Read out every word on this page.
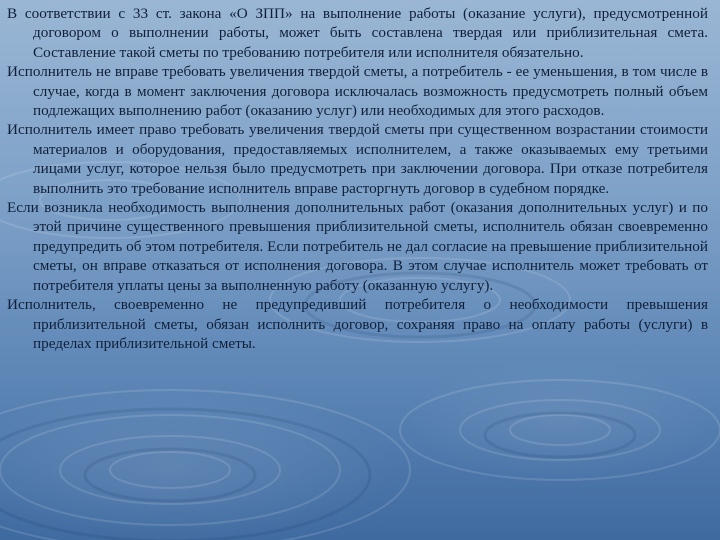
В соответствии с 33 ст. закона «О ЗПП» на выполнение работы (оказание услуги), предусмотренной договором о выполнении работы, может быть составлена твердая или приблизительная смета. Составление такой сметы по требованию потребителя или исполнителя обязательно.

Исполнитель не вправе требовать увеличения твердой сметы, а потребитель - ее уменьшения, в том числе в случае, когда в момент заключения договора исключалась возможность предусмотреть полный объем подлежащих выполнению работ (оказанию услуг) или необходимых для этого расходов.

Исполнитель имеет право требовать увеличения твердой сметы при существенном возрастании стоимости материалов и оборудования, предоставляемых исполнителем, а также оказываемых ему третьими лицами услуг, которое нельзя было предусмотреть при заключении договора. При отказе потребителя выполнить это требование исполнитель вправе расторгнуть договор в судебном порядке.

Если возникла необходимость выполнения дополнительных работ (оказания дополнительных услуг) и по этой причине существенного превышения приблизительной сметы, исполнитель обязан своевременно предупредить об этом потребителя. Если потребитель не дал согласие на превышение приблизительной сметы, он вправе отказаться от исполнения договора. В этом случае исполнитель может требовать от потребителя уплаты цены за выполненную работу (оказанную услугу).

Исполнитель, своевременно не предупредивший потребителя о необходимости превышения приблизительной сметы, обязан исполнить договор, сохраняя право на оплату работы (услуги) в пределах приблизительной сметы.
